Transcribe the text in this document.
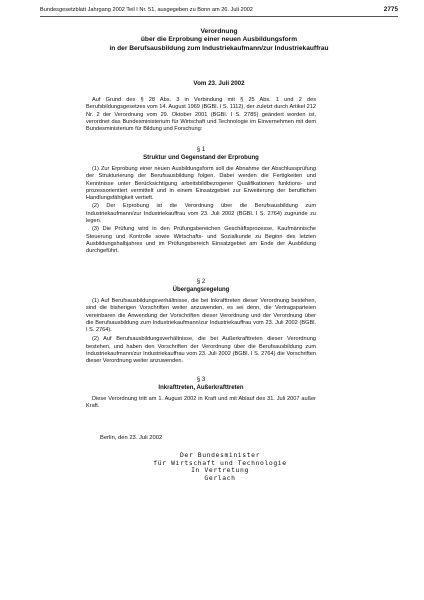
Bundesgesetzblatt Jahrgang 2002 Teil I Nr. 51, ausgegeben zu Bonn am 26. Juli 2002	2775
Verordnung
über die Erprobung einer neuen Ausbildungsform
in der Berufsausbildung zum Industriekaufmann/zur Industriekauffrau
Vom 23. Juli 2002

Auf Grund des § 28 Abs. 3 in Verbindung mit § 25 Abs. 1 und 2 des Berufsbildungsgesetzes vom 14. August 1969 (BGBl. I S. 1112), der zuletzt durch Artikel 212 Nr. 2 der Verordnung vom 29. Oktober 2001 (BGBl. I S. 2785) geändert worden ist, verordnet das Bundesministerium für Wirtschaft und Technologie im Einvernehmen mit dem Bundesministerium für Bildung und Forschung:

§ 1

Struktur und Gegenstand der Erprobung

(1) Zur Erprobung einer neuen Ausbildungsform soll die Abnahme der Abschlussprüfung der Strukturierung der Berufsausbildung folgen. Dabei werden die Fertigkeiten und Kenntnisse unter Berücksichtigung arbeitsbildbezogener Qualifikationen funktions- und prozessorientiert vermittelt und in einem Einsatzgebiet zur Erweiterung der beruflichen Handlungsfähigkeit vertieft.

(2) Der Erprobung ist die Verordnung über die Berufsausbildung zum Industriekaufmann/zur Industriekauffrau vom 23. Juli 2002 (BGBl. I S. 2764) zugrunde zu legen.

(3) Die Prüfung wird in den Prüfungsbereichen Geschäftsprozesse, Kaufmännische Steuerung und Kontrolle sowie Wirtschafts- und Sozialkunde zu Beginn des letzten Ausbildungshalbjahres und im Prüfungsbereich Einsatzgebiet am Ende der Ausbildung durchgeführt.

§ 2

Übergangsregelung

(1) Auf Berufsausbildungsverhältnisse, die bei Inkrafttreten dieser Verordnung bestehen, sind die bisherigen Vorschriften weiter anzuwenden, es sei denn, die Vertragsparteien vereinbaren die Anwendung der Vorschriften dieser Verordnung und der Verordnung über die Berufsausbildung zum Industriekaufmann/zur Industriekauffrau vom 23. Juli 2002 (BGBl. I S. 2764).

(2) Auf Berufsausbildungsverhältnisse, die bei Außerkrafttreten dieser Verordnung bestehen, und haben den Vorschriften der Verordnung über die Berufsausbildung zum Industriekaufmann/zur Industriekauffrau vom 23. Juli 2002 (BGBl. I S. 2764) die Vorschriften dieser Verordnung weiter anzuwenden.

§ 3

Inkrafttreten, Außerkrafttreten

Diese Verordnung tritt am 1. August 2002 in Kraft und mit Ablauf des 31. Juli 2007 außer Kraft.

Berlin, den 23. Juli 2002
Der Bundesminister
für Wirtschaft und Technologie
In Vertretung
Gerlach
